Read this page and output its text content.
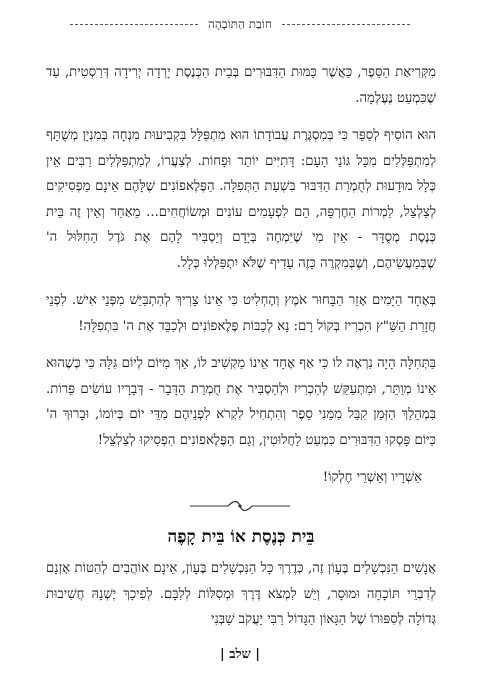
חוֹבַת הַתּוֹבָהָה

מִקְּרִיאַת הַסֵּפֶר, כַּאֲשֶׁר כַּמּוּת הַדִּבּוּרִים בְּבֵית הַכְּנֶסֶת יָרְדָה יְרִידָה דְּרַסְטִית, עַד שֶׁכִּמְעַט נֶעֶלְמָה.

הוּא הוֹסִיף לְסַפֵּר כִּי בְּמִסְגֶּרֶת עֲבוֹדָתוֹ הוּא מִתְפַּלֵּל בִּקְבִיעוּת מִנְחָה בְּמִנְיָן מְשֻׁתָּף לְמִתְפַּלְּלִים מִכָּל גּוֹנֵי הָעָם: דָּתִיִּים יוֹתֵר וּפָחוֹת. לְצַעֲרוֹ, לְמִתְפַּלְּלִים רַבִּים אֵין כְּלָל מוּדָעוּת לְחֻמְרַת הַדִּבּוּר בִּשְׁעַת הַתְּפִלָּה. הַפֶּלֶאפוֹנִים שֶׁלָּהֶם אֵינָם מַפְסִיקִים לְצַלְצֵל, לַמְרוֹת הַחֶרְפָּה, הֵם לִפְעָמִים עוֹנִים וּמְשׂוֹחֲחִים... מֵאַחַר וְאֵין זֶה בֵּית כְּנֶסֶת מְסֻדָּר - אֵין מִי שֶׁיִּמְחֶה בְּיָדָם וְיַסְבִּיר לָהֶם אֶת גֹּדֶל הַחִלּוּל ה' שֶׁבְּמַעֲשֵׂיהֶם, וְשֶׁבְּמִקְרֶה כָּזֶה עָדִיף שֶׁלֹּא יִתְפַּלְּלוּ כְּלָל.

בְּאֶחָד הַיָּמִים אָזַר הַבָּחוּר אֹמֶץ וְהֶחְלִיט כִּי אֵינוֹ צָרִיךְ לְהִתְבַּיֵּשׁ מִפְּנֵי אִישׁ. לִפְנֵי חֲזָרַת הַשַּׁ"ץ הִכְרִיז בְּקוֹל רָם: נָא לְכַבּוֹת פֶּלֶאפוֹנִים וּלְכַבֵּד אֶת ה' בִּתְפִלָּה!

בַּתְּחִלָּה הָיָה נִרְאֶה לוֹ כִּי אַף אֶחָד אֵינוֹ מַקְשִׁיב לוֹ, אַךְ מִיּוֹם לְיוֹם גִּלָּה כִּי כְּשֶׁהוּא אֵינוֹ מְוַתֵּר, וּמִתְעַקֵּשׁ לְהַכְרִיז וּלְהַסְבִּיר אֶת חֻמְרַת הַדָּבָר - דְּבָרָיו עוֹשִׂים פֵּרוֹת. בִּמְהֵלַךְ הַזְּמַן קִבֵּל מִמֵּנִי סֵפֶר וְהִתְחִיל לִקְרֹא לִפְנֵיהֶם מִדֵּי יוֹם בְּיוֹמוֹ, וּבָרוּךְ ה' כַּיּוֹם פָּסְקוּ הַדִּבּוּרִים כִּמְעַט לַחֲלוּטִין, וְגַם הַפֶּלֶאפוֹנִים הִפְסִיקוּ לְצַלְצֵל!

אַשְׁרָיו וְאַשְׁרֵי חֶלְקוֹ!

בֵּית כְּנֶסֶת אוֹ בֵּית קָפֶה

אֲנָשִׁים הַנִּכְשָׁלִים בֶּעָוֹן זֶה, כְּדֶרֶךְ כָּל הַנִּכְשָׁלִים בֶּעָוֹן, אֵינָם אוֹהֲבִים לְהַטּוֹת אָזְנָם לְדִבְרֵי תּוֹכָחָה וּמוּסָר, וְיֵשׁ לִמְצֹא דֶּרֶךְ וּמְסִלּוֹת לְלִבָּם. לְפִיכָךְ יֶשְׁנָהּ חֲשִׁיבוּת גְּדוֹלָה לְסִפּוּרוֹ שֶׁל הַגָּאוֹן הַגָּדוֹל רַבִּי יַעֲקֹב שַׁבְּנִי

| שלב |
